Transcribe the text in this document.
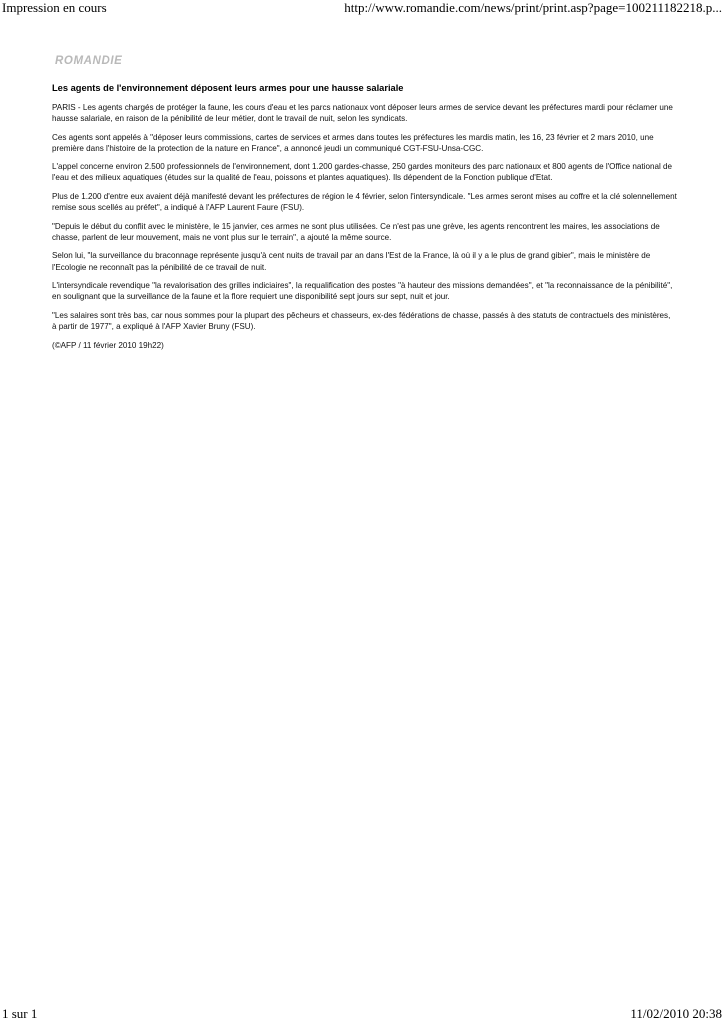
Impression en cours	http://www.romandie.com/news/print/print.asp?page=100211182218.p...
ROMANDIE
Les agents de l'environnement déposent leurs armes pour une hausse salariale

PARIS - Les agents chargés de protéger la faune, les cours d'eau et les parcs nationaux vont déposer leurs armes de service devant les préfectures mardi pour réclamer une hausse salariale, en raison de la pénibilité de leur métier, dont le travail de nuit, selon les syndicats.

Ces agents sont appelés à "déposer leurs commissions, cartes de services et armes dans toutes les préfectures les mardis matin, les 16, 23 février et 2 mars 2010, une première dans l'histoire de la protection de la nature en France", a annoncé jeudi un communiqué CGT-FSU-Unsa-CGC.

L'appel concerne environ 2.500 professionnels de l'environnement, dont 1.200 gardes-chasse, 250 gardes moniteurs des parc nationaux et 800 agents de l'Office national de l'eau et des milieux aquatiques (études sur la qualité de l'eau, poissons et plantes aquatiques). Ils dépendent de la Fonction publique d'Etat.

Plus de 1.200 d'entre eux avaient déjà manifesté devant les préfectures de région le 4 février, selon l'intersyndicale. "Les armes seront mises au coffre et la clé solennellement remise sous scellés au préfet", a indiqué à l'AFP Laurent Faure (FSU).

"Depuis le début du conflit avec le ministère, le 15 janvier, ces armes ne sont plus utilisées. Ce n'est pas une grève, les agents rencontrent les maires, les associations de chasse, parlent de leur mouvement, mais ne vont plus sur le terrain", a ajouté la même source.

Selon lui, "la surveillance du braconnage représente jusqu'à cent nuits de travail par an dans l'Est de la France, là où il y a le plus de grand gibier", mais le ministère de l'Ecologie ne reconnaît pas la pénibilité de ce travail de nuit.

L'intersyndicale revendique "la revalorisation des grilles indiciaires", la requalification des postes "à hauteur des missions demandées", et "la reconnaissance de la pénibilité", en soulignant que la surveillance de la faune et la flore requiert une disponibilité sept jours sur sept, nuit et jour.

"Les salaires sont très bas, car nous sommes pour la plupart des pêcheurs et chasseurs, ex-des fédérations de chasse, passés à des statuts de contractuels des ministères, à partir de 1977", a expliqué à l'AFP Xavier Bruny (FSU).

(©AFP / 11 février 2010 19h22)

1 sur 1	11/02/2010 20:38
